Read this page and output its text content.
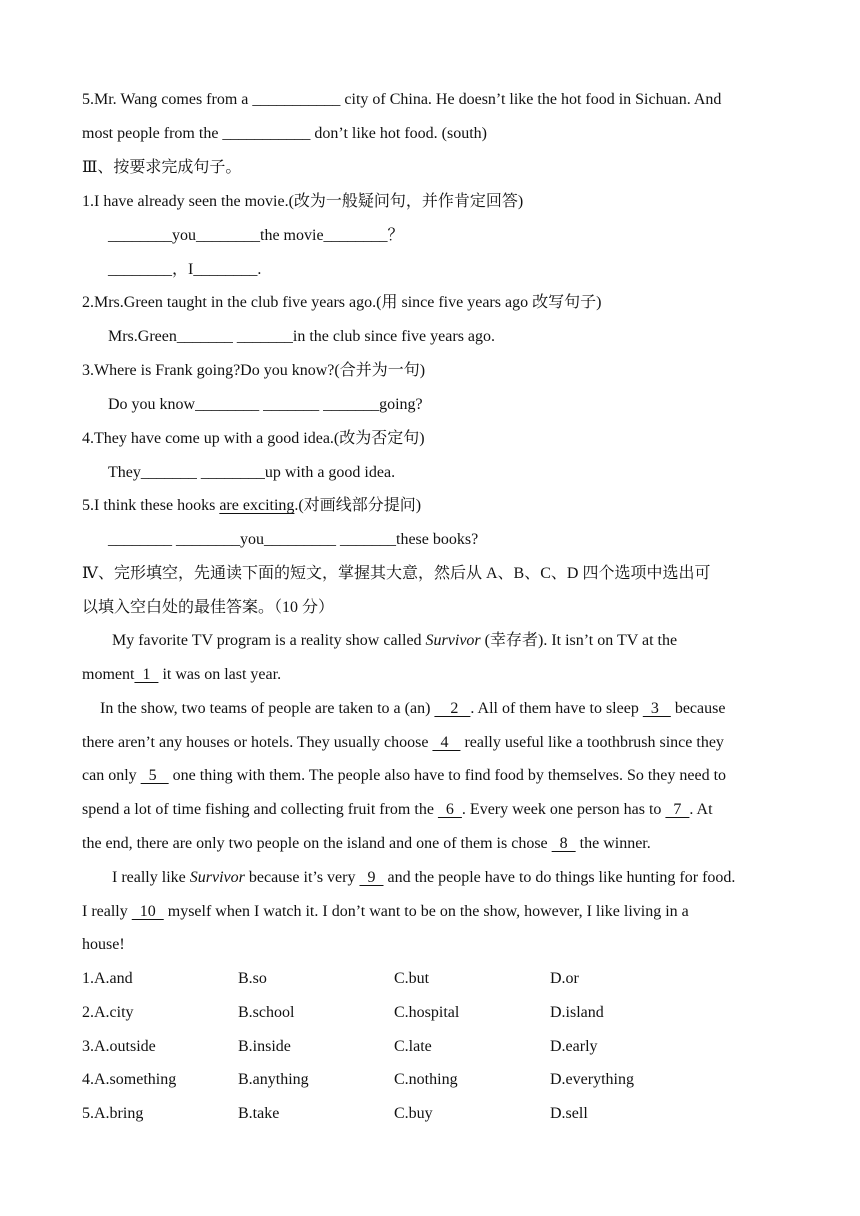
5.Mr. Wang comes from a ___________ city of China. He doesn’t like the hot food in Sichuan. And
most people from the ___________ don’t like hot food. (south)
Ⅲ、按要求完成句子。
1.I have already seen the movie.(改为一般疑问句，并作肯定回答)
________you________the movie________？
________，I________.
2.Mrs.Green taught in the club five years ago.(用 since five years ago 改写句子)
Mrs.Green_______ _______in the club since five years ago.
3.Where is Frank going?Do you know?(合并为一句)
Do you know________ _______ _______going?
4.They have come up with a good idea.(改为否定句)
They_______ ________up with a good idea.
5.I think these hooks are exciting.(对画线部分提问)
________ ________you_________ _______these books?
Ⅳ、完形填空，先通读下面的短文，掌握其大意，然后从 A、B、C、D 四个选项中选出可
以填入空白处的最佳答案。（10 分）
My favorite TV program is a reality show called Survivor (幸存者). It isn’t on TV at the
moment  1   it was on last year.
In the show, two teams of people are taken to a (an)     2   . All of them have to sleep   3    because
there aren’t any houses or hotels. They usually choose   4    really useful like a toothbrush since they
can only   5    one thing with them. The people also have to find food by themselves. So they need to
spend a lot of time fishing and collecting fruit from the   6  . Every week one person has to   7  . At
the end, there are only two people on the island and one of them is chose   8   the winner.
I really like Survivor because it’s very   9   and the people have to do things like hunting for food.
I really   10   myself when I watch it. I don’t want to be on the show, however, I like living in a
house!
1.A.and	B.so	C.but	D.or
2.A.city	B.school	C.hospital	D.island
3.A.outside	B.inside	C.late	D.early
4.A.something	B.anything	C.nothing	D.everything
5.A.bring	B.take	C.buy	D.sell
